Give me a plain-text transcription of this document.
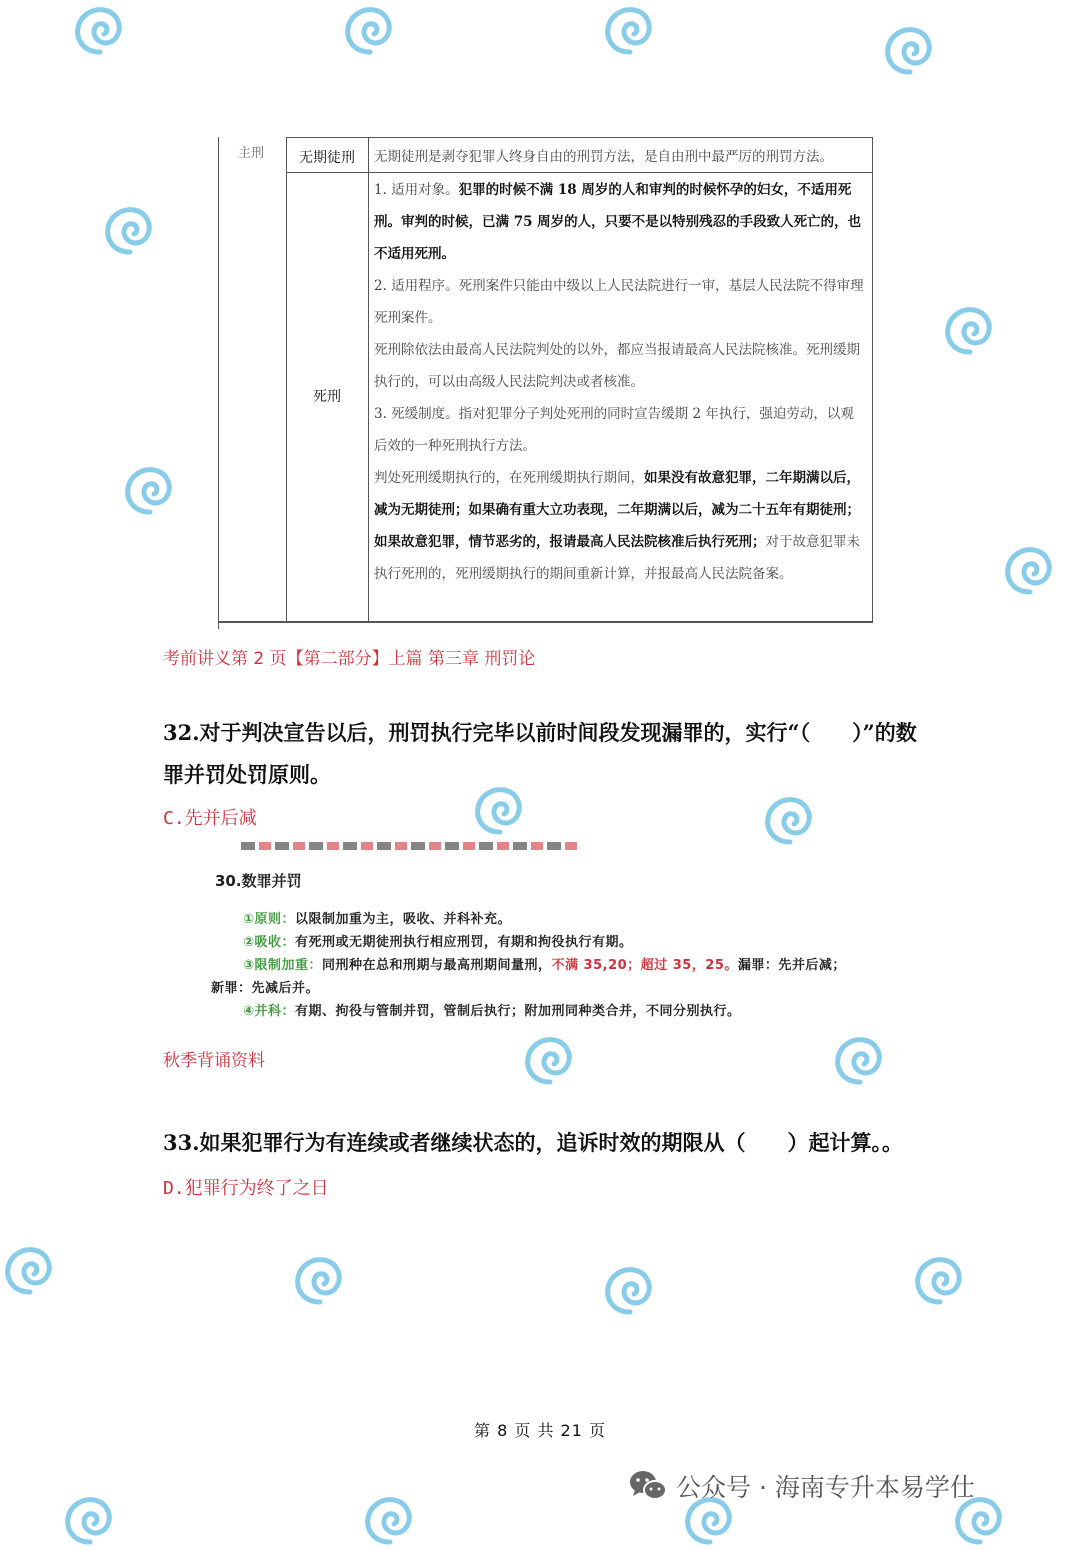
主刑	无期徒刑	无期徒刑是剥夺犯罪人终身自由的刑罚方法，是自由刑中最严厉的刑罚方法。
死刑

1. 适用对象。犯罪的时候不满 18 周岁的人和审判的时候怀孕的妇女，不适用死刑。审判的时候，已满 75 周岁的人，只要不是以特别残忍的手段致人死亡的，也不适用死刑。

2. 适用程序。死刑案件只能由中级以上人民法院进行一审，基层人民法院不得审理死刑案件。

死刑除依法由最高人民法院判处的以外，都应当报请最高人民法院核准。死刑缓期执行的，可以由高级人民法院判决或者核准。

3. 死缓制度。指对犯罪分子判处死刑的同时宣告缓期 2 年执行，强迫劳动，以观后效的一种死刑执行方法。

判处死刑缓期执行的，在死刑缓期执行期间，如果没有故意犯罪，二年期满以后，减为无期徒刑；如果确有重大立功表现，二年期满以后，减为二十五年有期徒刑；如果故意犯罪，情节恶劣的，报请最高人民法院核准后执行死刑；对于故意犯罪未执行死刑的，死刑缓期执行的期间重新计算，并报最高人民法院备案。

考前讲义第 2 页【第二部分】上篇 第三章 刑罚论
32.对于判决宣告以后，刑罚执行完毕以前时间段发现漏罪的，实行“（　　）”的数罪并罚处罚原则。
C.先并后减
30.数罪并罚
①原则：以限制加重为主，吸收、并科补充。
②吸收：有死刑或无期徒刑执行相应刑罚，有期和拘役执行有期。
③限制加重：同刑种在总和刑期与最高刑期间量刑，不满 35,20；超过 35，25。漏罪：先并后减；
新罪：先减后并。
④并科：有期、拘役与管制并罚，管制后执行；附加刑同种类合并，不同分别执行。
秋季背诵资料
33.如果犯罪行为有连续或者继续状态的，追诉时效的期限从（　　）起计算。。
D.犯罪行为终了之日
第 8 页 共 21 页
公众号 · 海南专升本易学仕
